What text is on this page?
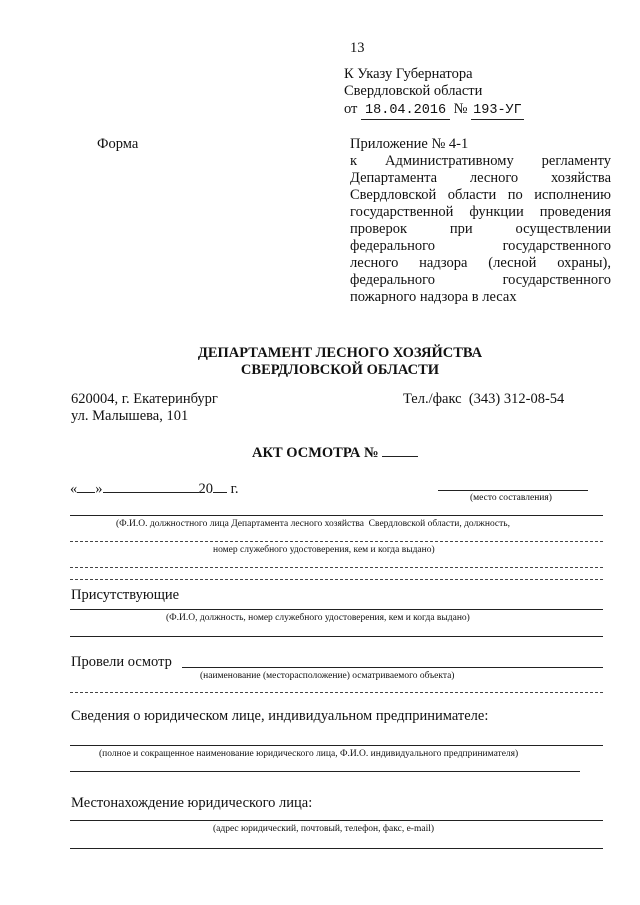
13
К Указу Губернатора
Свердловской области
от 18.04.2016 № 193-УГ
Форма	Приложение № 4-1
к Административному регламенту
Департамента лесного хозяйства
Свердловской области по исполнению
государственной функции проведения
проверок при осуществлении
федерального государственного
лесного надзора (лесной охраны),
федерального государственного
пожарного надзора в лесах
ДЕПАРТАМЕНТ ЛЕСНОГО ХОЗЯЙСТВА
СВЕРДЛОВСКОЙ ОБЛАСТИ
620004, г. Екатеринбург
ул. Малышева, 101
Тел./факс  (343) 312-08-54
АКТ ОСМОТРА №
« »	20 г.
(место составления)
(Ф.И.О. должностного лица Департамента лесного хозяйства  Свердловской области, должность,
номер служебного удостоверения, кем и когда выдано)
Присутствующие
(Ф.И.О, должность, номер служебного удостоверения, кем и когда выдано)
Провели осмотр
(наименование (месторасположение) осматриваемого объекта)
Сведения о юридическом лице, индивидуальном предпринимателе:
(полное и сокращенное наименование юридического лица, Ф.И.О. индивидуального предпринимателя)
Местонахождение юридического лица:
(адрес юридический, почтовый, телефон, факс, e-mail)
